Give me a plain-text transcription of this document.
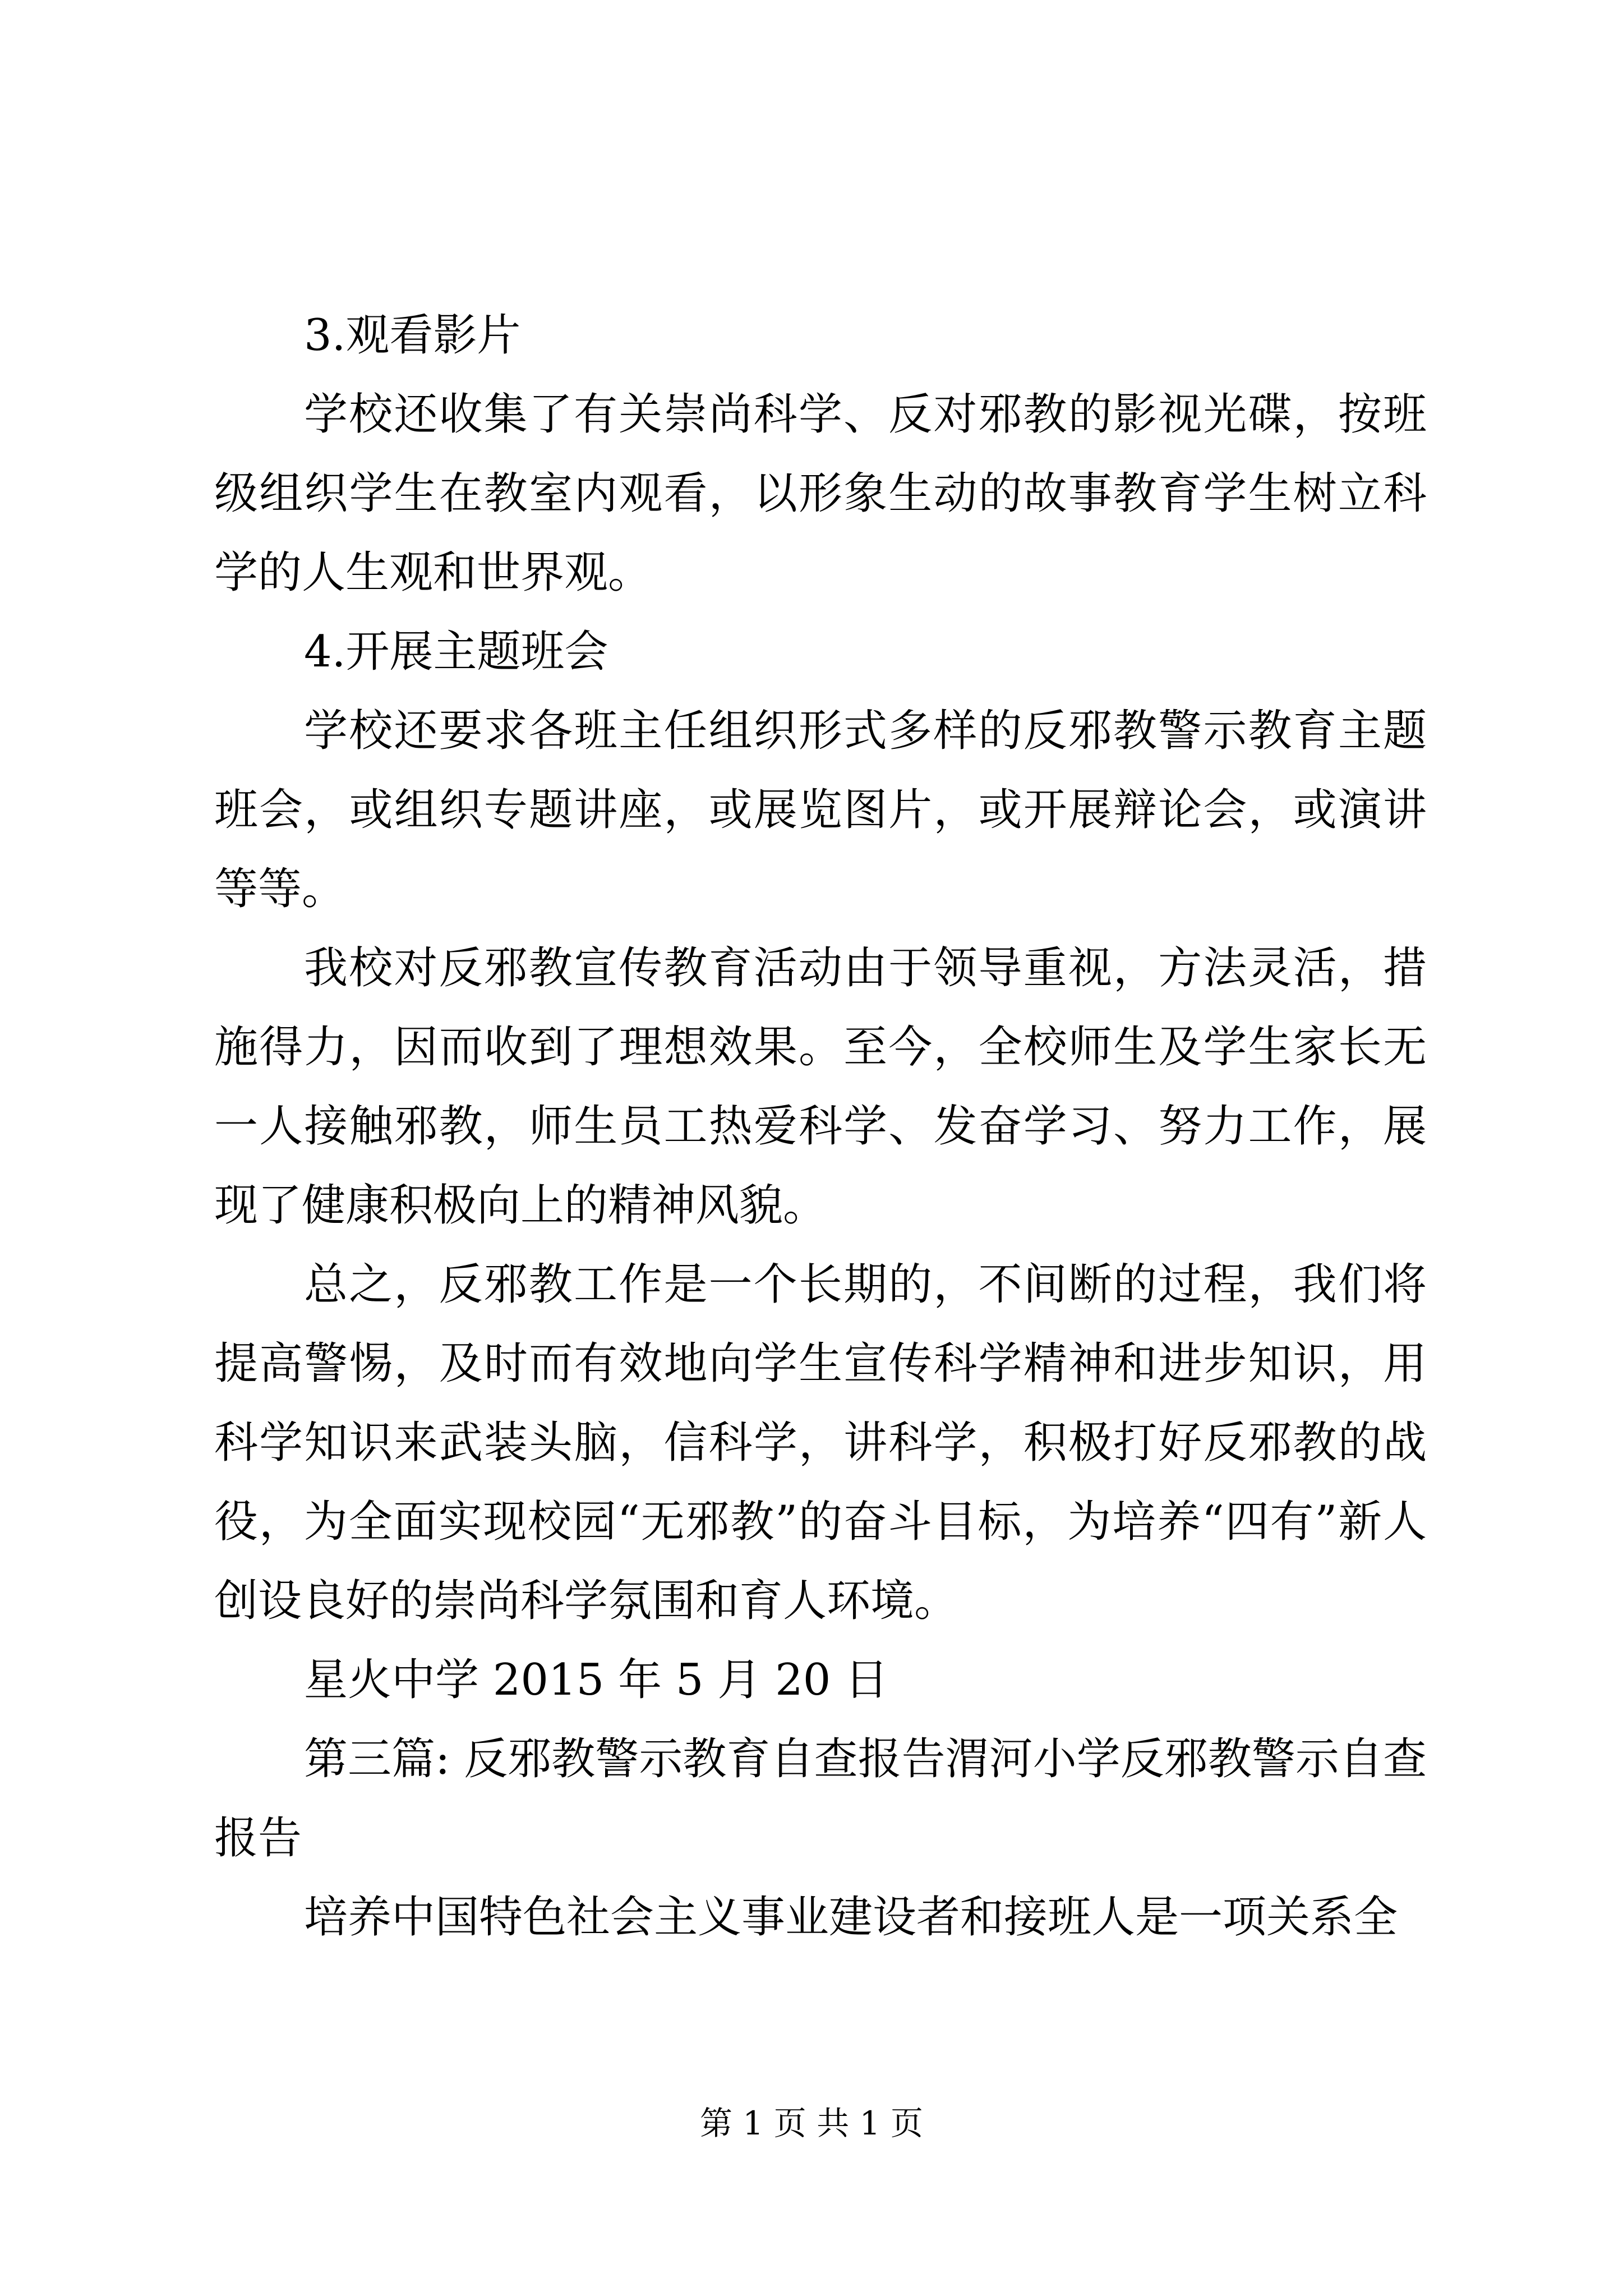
3.观看影片

学校还收集了有关崇尚科学、反对邪教的影视光碟，按班级组织学生在教室内观看，以形象生动的故事教育学生树立科学的人生观和世界观。

4.开展主题班会

学校还要求各班主任组织形式多样的反邪教警示教育主题班会，或组织专题讲座，或展览图片，或开展辩论会，或演讲等等。

我校对反邪教宣传教育活动由于领导重视，方法灵活，措施得力，因而收到了理想效果。至今，全校师生及学生家长无一人接触邪教，师生员工热爱科学、发奋学习、努力工作，展现了健康积极向上的精神风貌。

总之，反邪教工作是一个长期的，不间断的过程，我们将提高警惕，及时而有效地向学生宣传科学精神和进步知识，用科学知识来武装头脑，信科学，讲科学，积极打好反邪教的战役，为全面实现校园“无邪教”的奋斗目标，为培养“四有”新人创设良好的崇尚科学氛围和育人环境。

星火中学 2015 年 5 月 20 日

第三篇: 反邪教警示教育自查报告渭河小学反邪教警示自查报告

培养中国特色社会主义事业建设者和接班人是一项关系全

第 1 页 共 1 页
